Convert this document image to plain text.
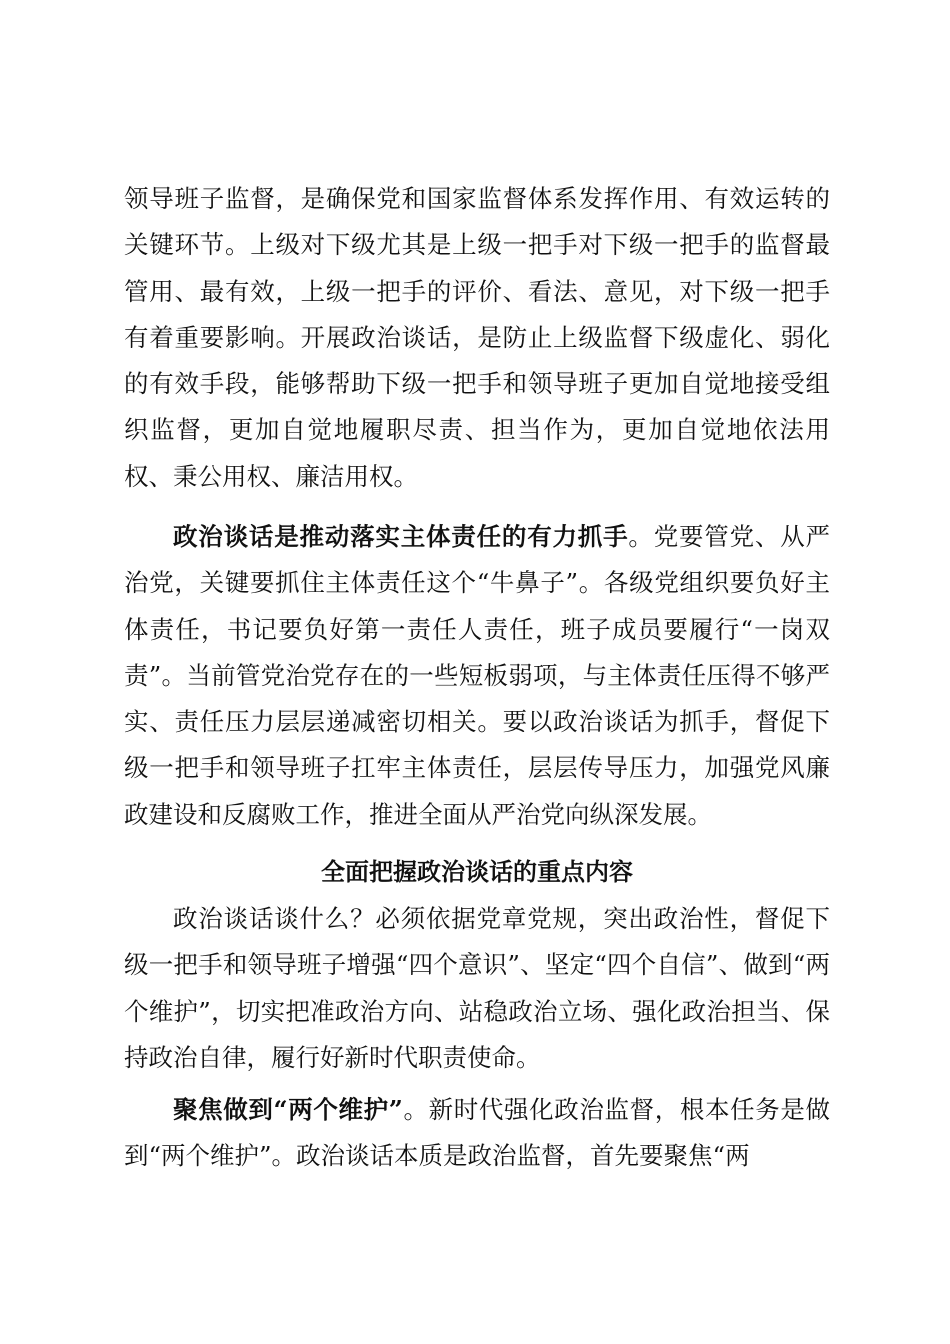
领导班子监督，是确保党和国家监督体系发挥作用、有效运转的关键环节。上级对下级尤其是上级一把手对下级一把手的监督最管用、最有效，上级一把手的评价、看法、意见，对下级一把手有着重要影响。开展政治谈话，是防止上级监督下级虚化、弱化的有效手段，能够帮助下级一把手和领导班子更加自觉地接受组织监督，更加自觉地履职尽责、担当作为，更加自觉地依法用权、秉公用权、廉洁用权。

政治谈话是推动落实主体责任的有力抓手。党要管党、从严治党，关键要抓住主体责任这个“牛鼻子”。各级党组织要负好主体责任，书记要负好第一责任人责任，班子成员要履行“一岗双责”。当前管党治党存在的一些短板弱项，与主体责任压得不够严实、责任压力层层递减密切相关。要以政治谈话为抓手，督促下级一把手和领导班子扛牢主体责任，层层传导压力，加强党风廉政建设和反腐败工作，推进全面从严治党向纵深发展。

全面把握政治谈话的重点内容

政治谈话谈什么？必须依据党章党规，突出政治性，督促下级一把手和领导班子增强“四个意识”、坚定“四个自信”、做到“两个维护”，切实把准政治方向、站稳政治立场、强化政治担当、保持政治自律，履行好新时代职责使命。

聚焦做到“两个维护”。新时代强化政治监督，根本任务是做到“两个维护”。政治谈话本质是政治监督，首先要聚焦“两
